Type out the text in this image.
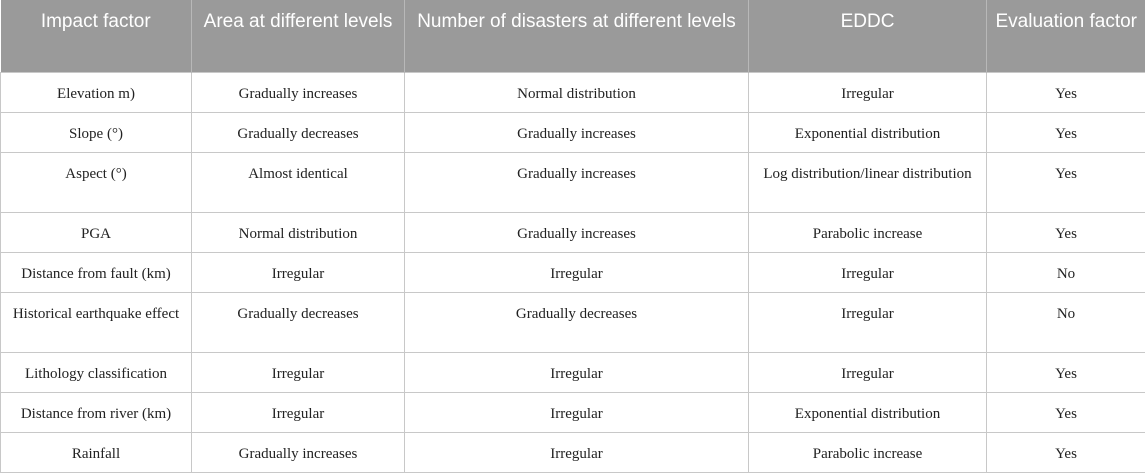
Impact factor	Area at different levels	Number of disasters at different levels	EDDC	Evaluation factor
Elevation m)	Gradually increases	Normal distribution	Irregular	Yes
Slope (°)	Gradually decreases	Gradually increases	Exponential distribution	Yes
Aspect (°)	Almost identical	Gradually increases	Log distribution/linear distribution	Yes
PGA	Normal distribution	Gradually increases	Parabolic increase	Yes
Distance from fault (km)	Irregular	Irregular	Irregular	No
Historical earthquake effect	Gradually decreases	Gradually decreases	Irregular	No
Lithology classification	Irregular	Irregular	Irregular	Yes
Distance from river (km)	Irregular	Irregular	Exponential distribution	Yes
Rainfall	Gradually increases	Irregular	Parabolic increase	Yes
